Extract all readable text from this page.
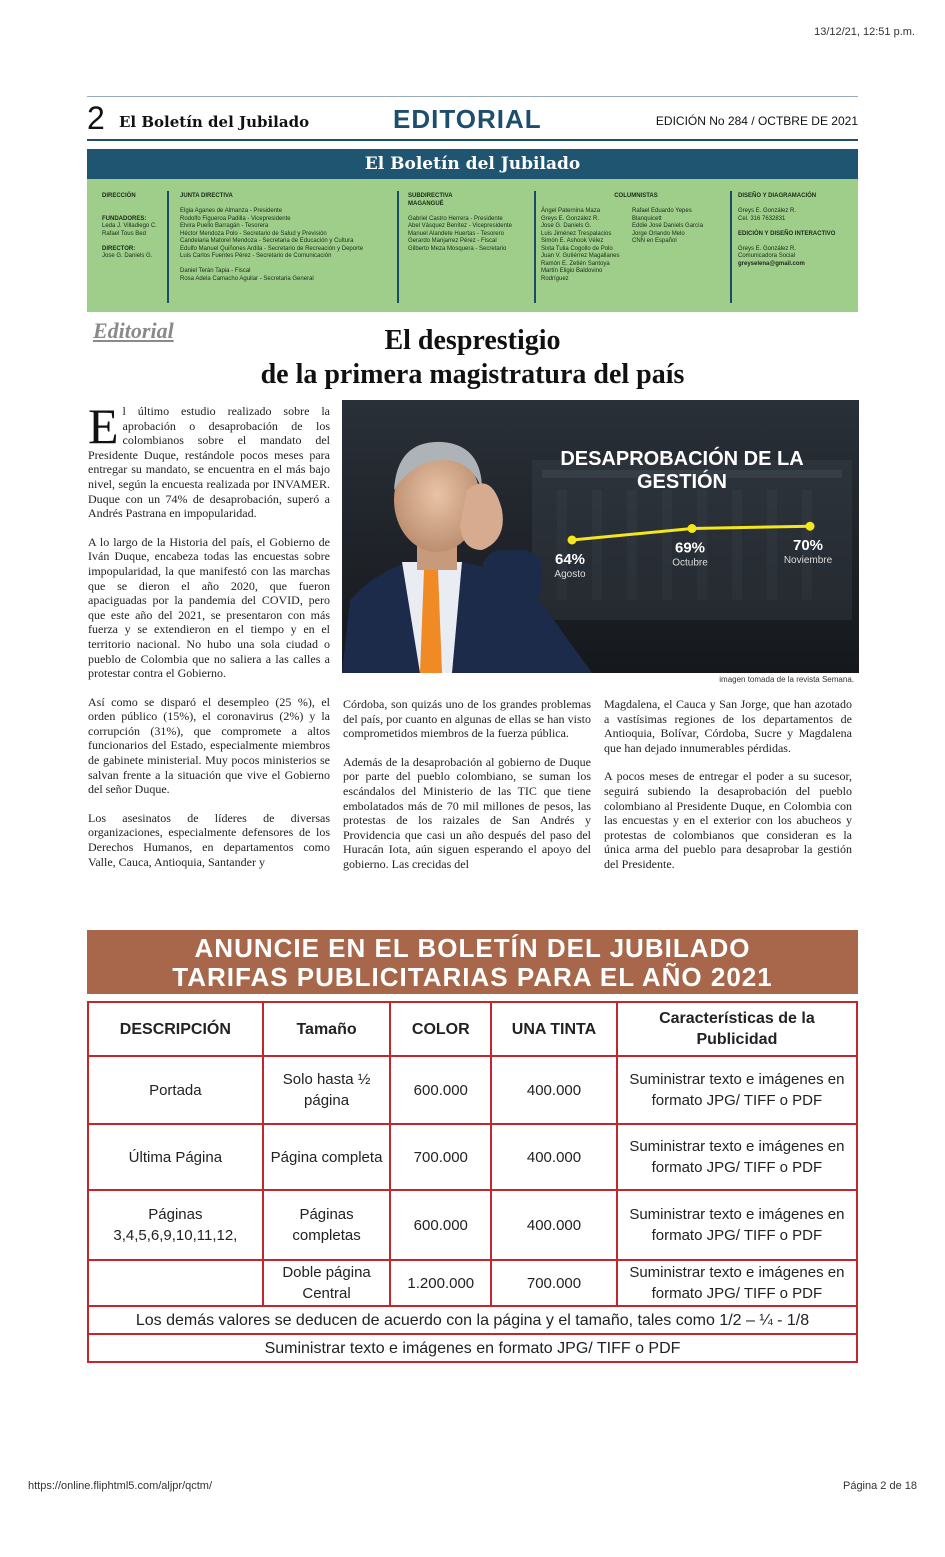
13/12/21, 12:51 p.m.
2 El Boletín del Jubilado	EDITORIAL	EDICIÓN No 284 / OCTBRE DE 2021
El Boletín del Jubilado

DIRECCIÓN

FUNDADORES:

Leda J. Villadiego C.

Rafael Tous Bed

DIRECTOR:

Jose G. Daniels G.

JUNTA DIRECTIVA

Elgia Aganes de Almanza - Presidente

Rodolfo Figueroa Padilla - Vicepresidente

Elvira Puello Barragán - Tesorera

Héctor Mendoza Polo - Secretario de Salud y Previsión

Candelaria Matorel Mendoza - Secretaria de Educación y Cultura

Edulfo Manuel Quiñones Ardila - Secretario de Recreación y Deporte

Luis Carlos Fuentes Pérez - Secretario de Comunicación

Daniel Terán Tapia - Fiscal

Rosa Adela Camacho Aguilar - Secretaria General

SUBDIRECTIVA

MAGANGUÉ

Gabriel Castro Herrera - Presidente

Abel Vásquez Benítez - Vicepresidente

Manuel Alandete Huertas - Tesorero

Gerardo Manjarrez Pérez - Fiscal

Gilberto Meza Mosquera - Secretario

COLUMNISTAS

Ángel Paternina Maza

Greys E. González R.

Jose G. Daniels G.

Luis Jiménez Trespalacios

Simón E. Ashook Vélez

Sixta Tulia Cogollo de Polo

Juan V. Gutiérrez Magallanes

Ramón E. Zetién Santoya

Martín Eligio Baldovino

Rodríguez

Rafael Eduardo Yepes

Blanquicett

Eddie José Daniels García

Jorge Orlando Melo

CNN en Español

DISEÑO Y DIAGRAMACIÓN

Greys E. González R.

Cel. 316 7632831

EDICIÓN Y DISEÑO INTERACTIVO

Greys E. González R.

Comunicadora Social

greyselena@gmail.com

Editorial	El desprestigio
de la primera magistratura del país

El último estudio realizado sobre la aprobación o desaprobación de los colombianos sobre el mandato del Presidente Duque, restándole pocos meses para entregar su mandato, se encuentra en el más bajo nivel, según la encuesta realizada por INVAMER. Duque con un 74% de desaprobación, superó a Andrés Pastrana en impopularidad.

A lo largo de la Historia del país, el Gobierno de Iván Duque, encabeza todas las encuestas sobre impopularidad, la que manifestó con las marchas que se dieron el año 2020, que fueron apaciguadas por la pandemia del COVID, pero que este año del 2021, se presentaron con más fuerza y se extendieron en el tiempo y en el territorio nacional. No hubo una sola ciudad o pueblo de Colombia que no saliera a las calles a protestar contra el Gobierno.

Así como se disparó el desempleo (25 %), el orden público (15%), el coronavirus (2%) y la corrupción (31%), que compromete a altos funcionarios del Estado, especialmente miembros de gabinete ministerial. Muy pocos ministerios se salvan frente a la situación que vive el Gobierno del señor Duque.

Los asesinatos de líderes de diversas organizaciones, especialmente defensores de los Derechos Humanos, en departamentos como Valle, Cauca, Antioquia, Santander y

DESAPROBACIÓN DE LA GESTIÓN
64%
Agosto
69%
Octubre
70%
Noviembre
imagen tomada de la revista Semana.

Córdoba, son quizás uno de los grandes problemas del país, por cuanto en algunas de ellas se han visto comprometidos miembros de la fuerza pública.

Además de la desaprobación al gobierno de Duque por parte del pueblo colombiano, se suman los escándalos del Ministerio de las TIC que tiene embolatados más de 70 mil millones de pesos, las protestas de los raizales de San Andrés y Providencia que casi un año después del paso del Huracán Iota, aún siguen esperando el apoyo del gobierno. Las crecidas del

Magdalena, el Cauca y San Jorge, que han azotado a vastísimas regiones de los departamentos de Antioquia, Bolívar, Córdoba, Sucre y Magdalena que han dejado innumerables pérdidas.

A pocos meses de entregar el poder a su sucesor, seguirá subiendo la desaprobación del pueblo colombiano al Presidente Duque, en Colombia con las encuestas y en el exterior con los abucheos y protestas de colombianos que consideran es la única arma del pueblo para desaprobar la gestión del Presidente.

ANUNCIE EN EL BOLETÍN DEL JUBILADO
TARIFAS PUBLICITARIAS PARA EL AÑO 2021
DESCRIPCIÓN	Tamaño	COLOR	UNA TINTA	Características de la Publicidad
Portada	Solo hasta ½ página	600.000	400.000	Suministrar texto e imágenes en formato JPG/ TIFF o PDF
Última Página	Página completa	700.000	400.000	Suministrar texto e imágenes en formato JPG/ TIFF o PDF
Páginas 3,4,5,6,9,10,11,12,	Páginas completas	600.000	400.000	Suministrar texto e imágenes en formato JPG/ TIFF o PDF
	Doble página Central	1.200.000	700.000	Suministrar texto e imágenes en formato JPG/ TIFF o PDF
Los demás valores se deducen de acuerdo con la página y el tamaño, tales como 1/2 – ¼ - 1/8				
Suministrar texto e imágenes en formato JPG/ TIFF o PDF				
https://online.fliphtml5.com/aljpr/qctm/	Página 2 de 18
